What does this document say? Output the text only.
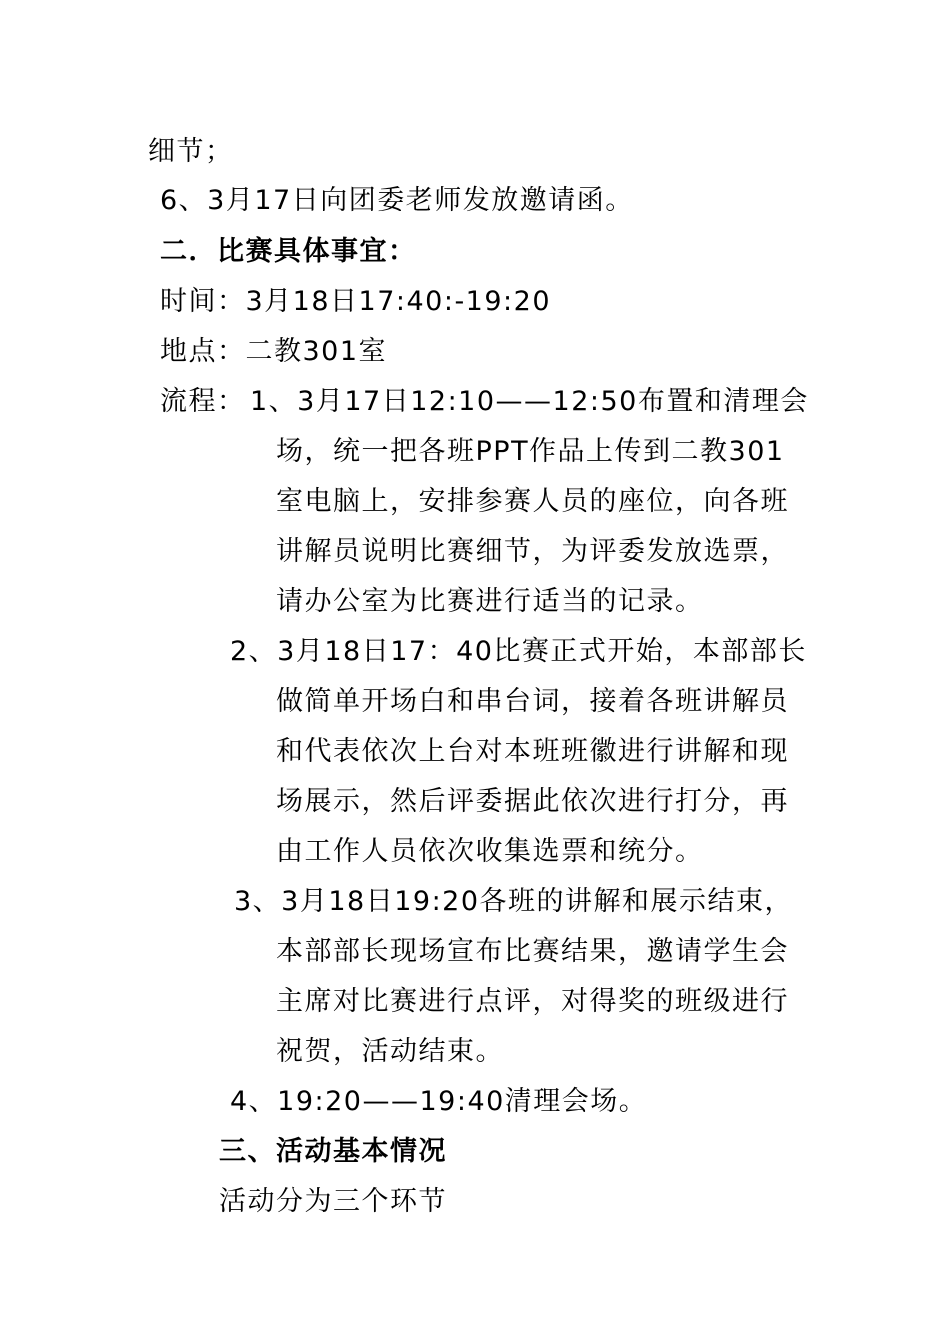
细节；
6、3月17日向团委老师发放邀请函。
二．比赛具体事宜：
时间：3月18日17:40:-19:20
地点：二教301室
流程： 1、3月17日12:10——12:50布置和清理会
场，统一把各班PPT作品上传到二教301
室电脑上，安排参赛人员的座位，向各班
讲解员说明比赛细节，为评委发放选票，
请办公室为比赛进行适当的记录。
2、3月18日17：40比赛正式开始，本部部长
做简单开场白和串台词，接着各班讲解员
和代表依次上台对本班班徽进行讲解和现
场展示，然后评委据此依次进行打分，再
由工作人员依次收集选票和统分。
3、3月18日19:20各班的讲解和展示结束，
本部部长现场宣布比赛结果，邀请学生会
主席对比赛进行点评，对得奖的班级进行
祝贺，活动结束。
4、19:20——19:40清理会场。
三、活动基本情况
活动分为三个环节
